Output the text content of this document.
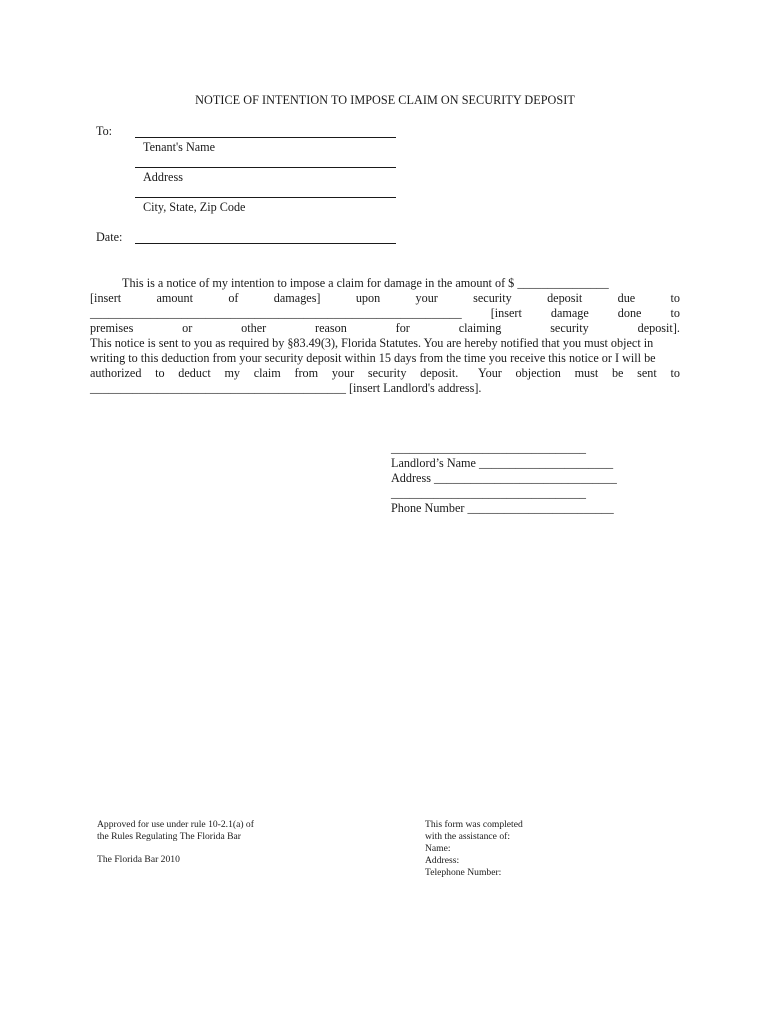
NOTICE OF INTENTION TO IMPOSE CLAIM ON SECURITY DEPOSIT
To:
Tenant's Name
Address
City, State, Zip Code
Date:
This is a notice of my intention to impose a claim for damage in the amount of $ _______________
[insert	amount	of	damages]	upon	your	security	deposit	due	to
_____________________________________________________________ [insert damage done to
premises	or	other	reason	for	claiming	security	deposit].
This notice is sent to you as required by §83.49(3), Florida Statutes. You are hereby notified that you must object in
writing to this deduction from your security deposit within 15 days from the time you receive this notice or I will be
authorized to deduct my claim from your security deposit. Your objection must be sent to
__________________________________________ [insert Landlord's address].
________________________________
Landlord’s Name ______________________
Address ______________________________
________________________________
Phone Number ________________________
Approved for use under rule 10-2.1(a) of
the Rules Regulating The Florida Bar
The Florida Bar 2010
This form was completed
with the assistance of:
Name:
Address:
Telephone Number:
